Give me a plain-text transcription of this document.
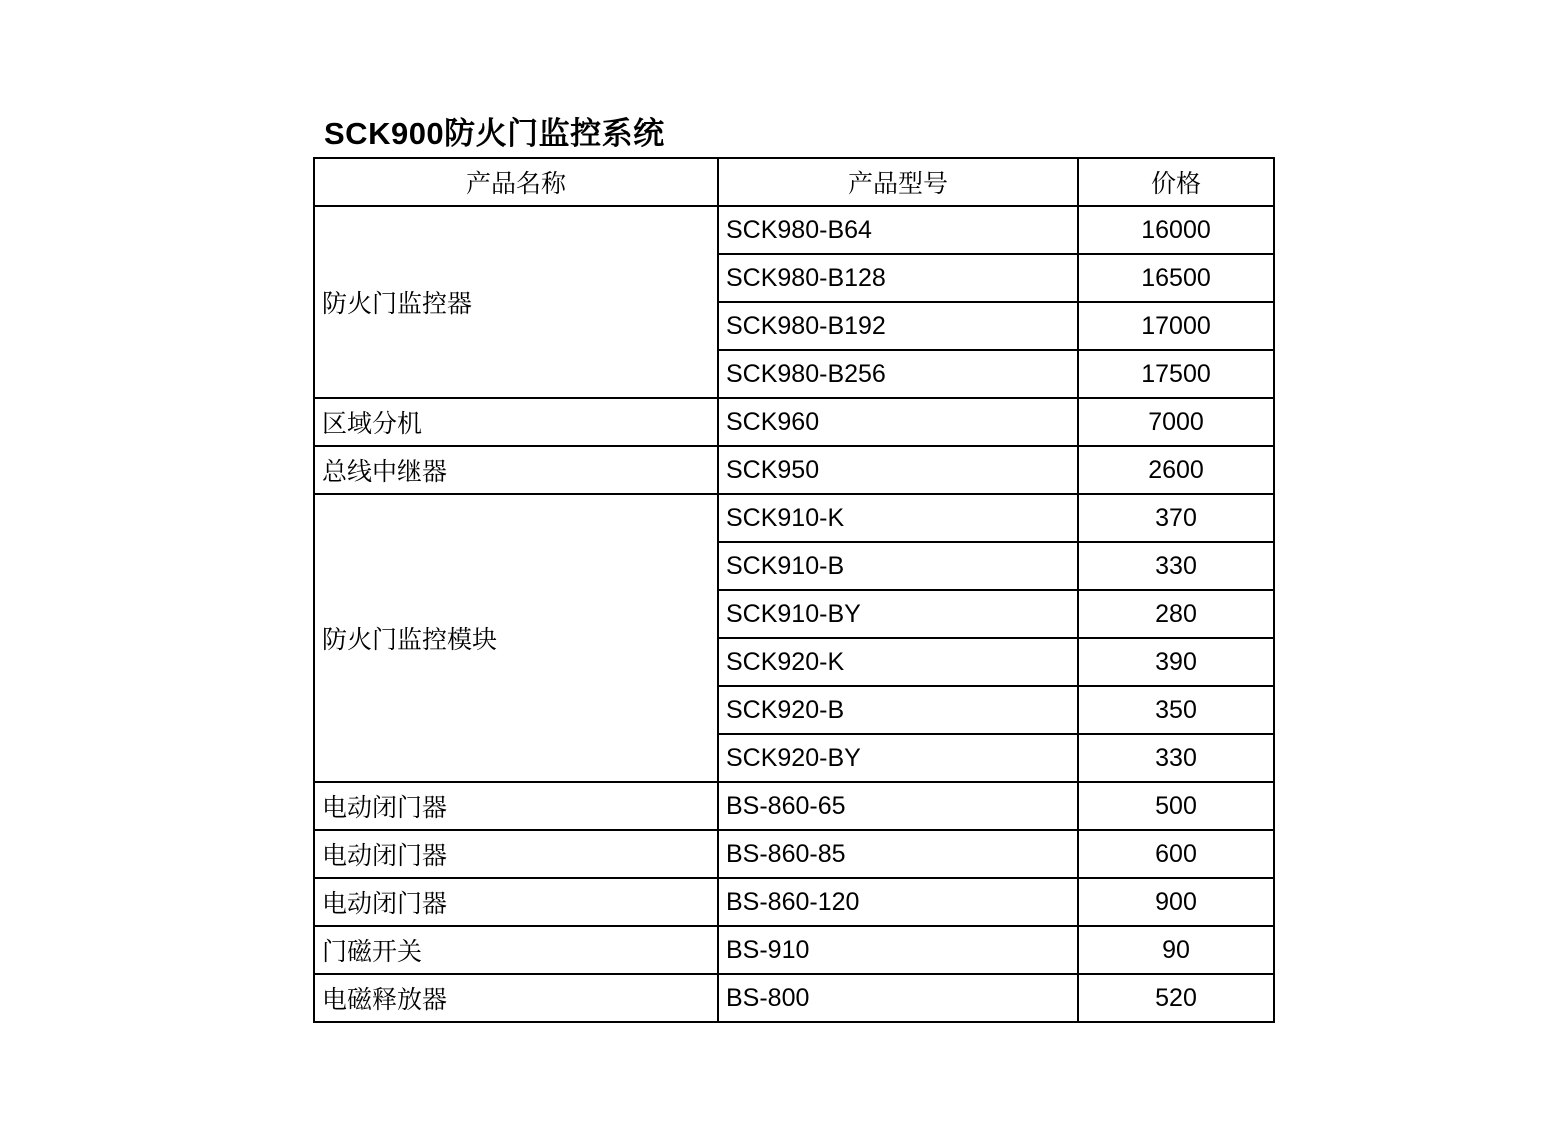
SCK900防火门监控系统
产品名称	产品型号	价格
防火门监控器	SCK980-B64	16000
	SCK980-B128	16500
	SCK980-B192	17000
	SCK980-B256	17500
区域分机	SCK960	7000
总线中继器	SCK950	2600
防火门监控模块	SCK910-K	370
	SCK910-B	330
	SCK910-BY	280
	SCK920-K	390
	SCK920-B	350
	SCK920-BY	330
电动闭门器	BS-860-65	500
电动闭门器	BS-860-85	600
电动闭门器	BS-860-120	900
门磁开关	BS-910	90
电磁释放器	BS-800	520
